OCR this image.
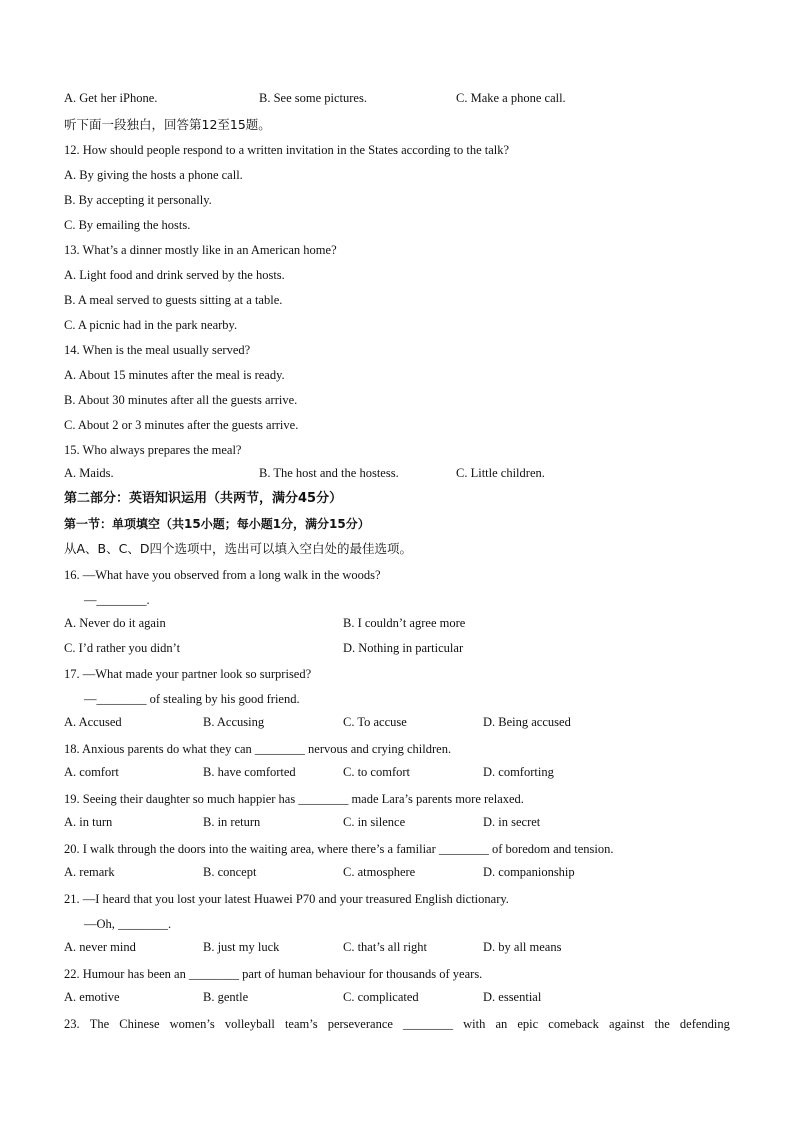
A. Get her iPhone.	B. See some pictures.	C. Make a phone call.
听下面一段独白，回答第12至15题。
12. How should people respond to a written invitation in the States according to the talk?
A. By giving the hosts a phone call.
B. By accepting it personally.
C. By emailing the hosts.
13. What’s a dinner mostly like in an American home?
A. Light food and drink served by the hosts.
B. A meal served to guests sitting at a table.
C. A picnic had in the park nearby.
14. When is the meal usually served?
A. About 15 minutes after the meal is ready.
B. About 30 minutes after all the guests arrive.
C. About 2 or 3 minutes after the guests arrive.
15. Who always prepares the meal?
A. Maids.	B. The host and the hostess.	C. Little children.
第二部分：英语知识运用（共两节，满分45分）
第一节：单项填空（共15小题；每小题1分，满分15分）
从A、B、C、D四个选项中，选出可以填入空白处的最佳选项。
16. —What have you observed from a long walk in the woods?
—________.
A. Never do it again	B. I couldn’t agree more
C. I’d rather you didn’t	D. Nothing in particular
17. —What made your partner look so surprised?
—________ of stealing by his good friend.
A. Accused	B. Accusing	C. To accuse	D. Being accused
18. Anxious parents do what they can ________ nervous and crying children.
A. comfort	B. have comforted	C. to comfort	D. comforting
19. Seeing their daughter so much happier has ________ made Lara’s parents more relaxed.
A. in turn	B. in return	C. in silence	D. in secret
20. I walk through the doors into the waiting area, where there’s a familiar ________ of boredom and tension.
A. remark	B. concept	C. atmosphere	D. companionship
21. —I heard that you lost your latest Huawei P70 and your treasured English dictionary.
—Oh, ________.
A. never mind	B. just my luck	C. that’s all right	D. by all means
22. Humour has been an ________ part of human behaviour for thousands of years.
A. emotive	B. gentle	C. complicated	D. essential
23. The Chinese women’s volleyball team’s perseverance ________ with an epic comeback against the defending
